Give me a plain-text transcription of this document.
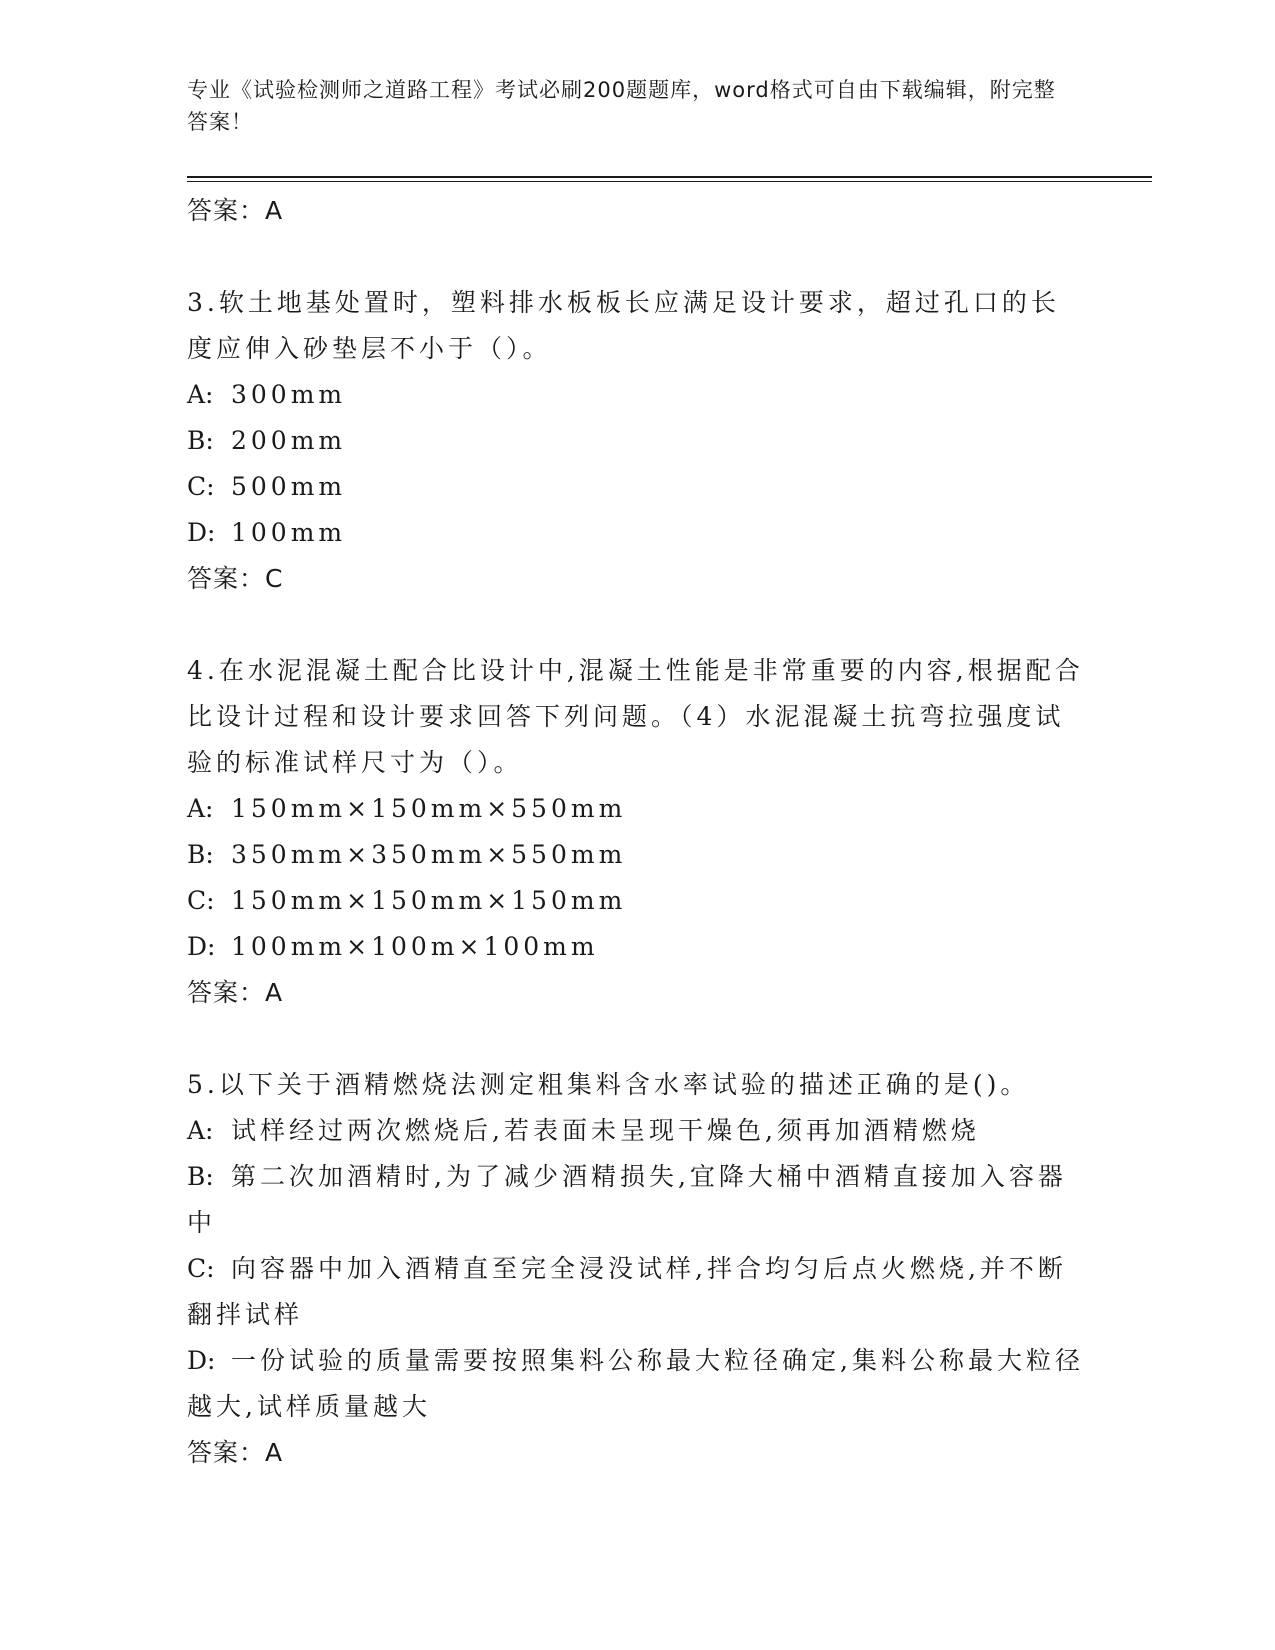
专业《试验检测师之道路工程》考试必刷200题题库，word格式可自由下载编辑，附完整答案！
答案：A
3.软土地基处置时，塑料排水板板长应满足设计要求，超过孔口的长度应伸入砂垫层不小于（）。
A: 300mm
B: 200mm
C: 500mm
D: 100mm
答案：C
4.在水泥混凝土配合比设计中,混凝土性能是非常重要的内容,根据配合比设计过程和设计要求回答下列问题。（4）水泥混凝土抗弯拉强度试验的标准试样尺寸为（）。
A: 150mm×150mm×550mm
B: 350mm×350mm×550mm
C: 150mm×150mm×150mm
D: 100mm×100m×100mm
答案：A
5.以下关于酒精燃烧法测定粗集料含水率试验的描述正确的是()。
A: 试样经过两次燃烧后,若表面未呈现干燥色,须再加酒精燃烧
B: 第二次加酒精时,为了减少酒精损失,宜降大桶中酒精直接加入容器中
C: 向容器中加入酒精直至完全浸没试样,拌合均匀后点火燃烧,并不断翻拌试样
D: 一份试验的质量需要按照集料公称最大粒径确定,集料公称最大粒径越大,试样质量越大
答案：A
